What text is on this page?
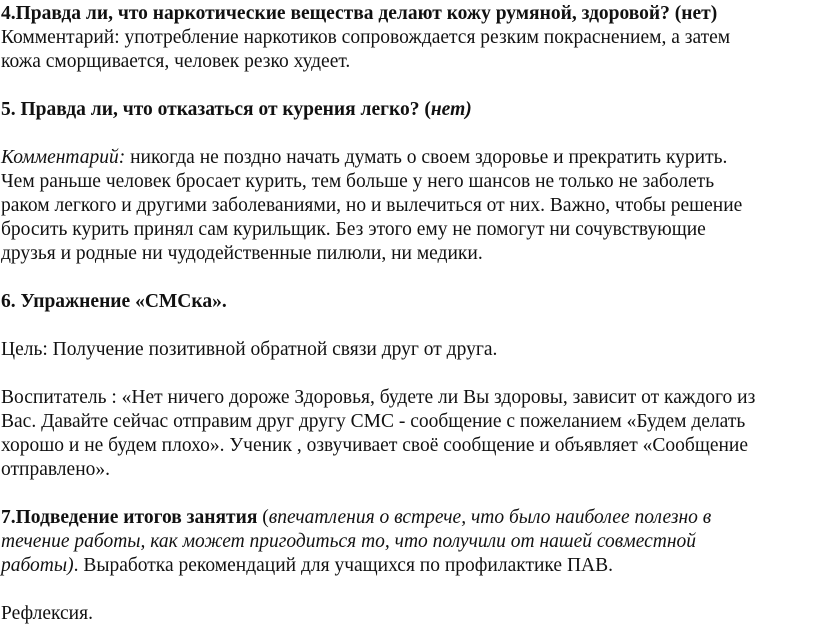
4.Правда ли, что наркотические вещества делают кожу румяной, здоровой? (нет)
Комментарий: употребление наркотиков сопровождается резким покраснением, а затем
кожа сморщивается, человек резко худеет.
5. Правда ли, что отказаться от курения легко? (нет)
Комментарий: никогда не поздно начать думать о своем здоровье и прекратить курить.
Чем раньше человек бросает курить, тем больше у него шансов не только не заболеть
раком легкого и другими заболеваниями, но и вылечиться от них. Важно, чтобы решение
бросить курить принял сам курильщик. Без этого ему не помогут ни сочувствующие
друзья и родные ни чудодейственные пилюли, ни медики.
6. Упражнение «СМСка».
Цель: Получение позитивной обратной связи друг от друга.
Воспитатель : «Нет ничего дороже Здоровья, будете ли Вы здоровы, зависит от каждого из
Вас. Давайте сейчас отправим друг другу СМС - сообщение с пожеланием «Будем делать
хорошо и не будем плохо». Ученик , озвучивает своё сообщение и объявляет «Сообщение
отправлено».
7.Подведение итогов занятия (впечатления о встрече, что было наиболее полезно в
течение работы, как может пригодиться то, что получили от нашей совместной
работы). Выработка рекомендаций для учащихся по профилактике ПАВ.
Рефлексия.
